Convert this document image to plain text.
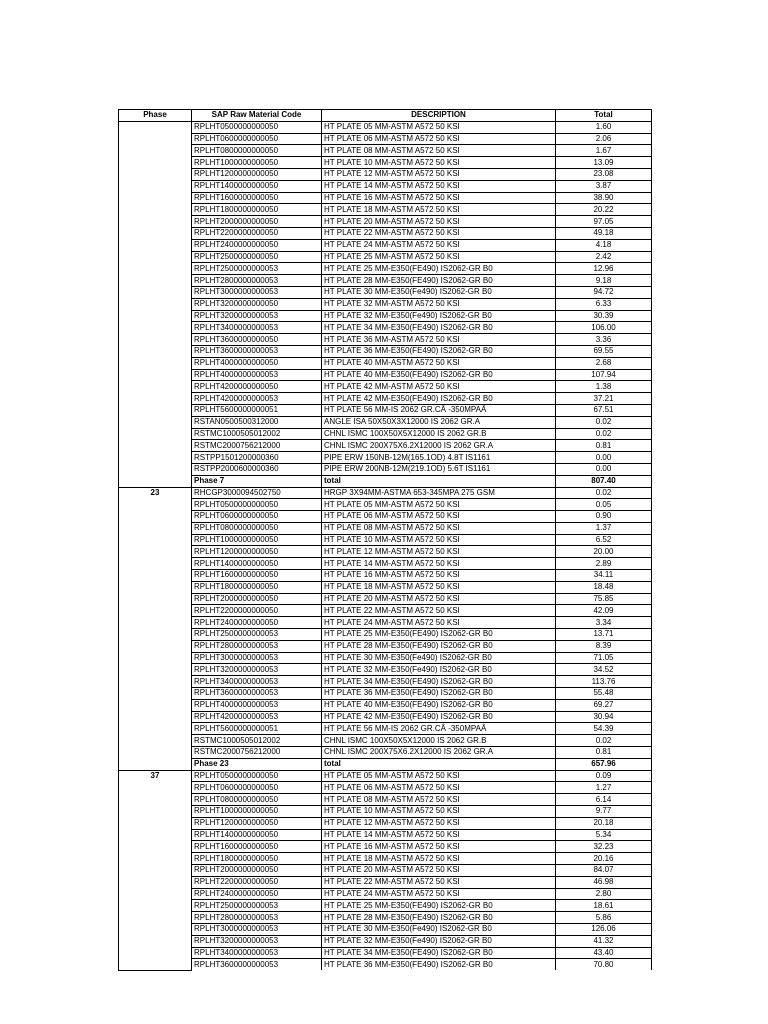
Phase	SAP Raw Material Code	DESCRIPTION	Total
	RPLHT0500000000050	HT PLATE 05 MM-ASTM A572 50 KSI	1.60
	RPLHT0600000000050	HT PLATE 06 MM-ASTM A572 50 KSI	2.06
	RPLHT0800000000050	HT PLATE 08 MM-ASTM A572 50 KSI	1.67
	RPLHT1000000000050	HT PLATE 10 MM-ASTM A572 50 KSI	13.09
	RPLHT1200000000050	HT PLATE 12 MM-ASTM A572 50 KSI	23.08
	RPLHT1400000000050	HT PLATE 14 MM-ASTM A572 50 KSI	3.87
	RPLHT1600000000050	HT PLATE 16 MM-ASTM A572 50 KSI	38.90
	RPLHT1800000000050	HT PLATE 18 MM-ASTM A572 50 KSI	20.22
	RPLHT2000000000050	HT PLATE 20 MM-ASTM A572 50 KSI	97.05
	RPLHT2200000000050	HT PLATE 22 MM-ASTM A572 50 KSI	49.18
	RPLHT2400000000050	HT PLATE 24 MM-ASTM A572 50 KSI	4.18
	RPLHT2500000000050	HT PLATE 25 MM-ASTM A572 50 KSI	2.42
	RPLHT2500000000053	HT PLATE 25 MM-E350(FE490) IS2062-GR B0	12.96
	RPLHT2800000000053	HT PLATE 28 MM-E350(FE490) IS2062-GR B0	9.18
	RPLHT3000000000053	HT PLATE 30 MM-E350(Fe490) IS2062-GR B0	94.72
	RPLHT3200000000050	HT PLATE 32 MM-ASTM A572 50 KSI	6.33
	RPLHT3200000000053	HT PLATE 32 MM-E350(Fe490) IS2062-GR B0	30.39
	RPLHT3400000000053	HT PLATE 34 MM-E350(FE490) IS2062-GR B0	106.00
	RPLHT3600000000050	HT PLATE 36 MM-ASTM A572 50 KSI	3.36
	RPLHT3600000000053	HT PLATE 36 MM-E350(FE490) IS2062-GR B0	69.55
	RPLHT4000000000050	HT PLATE 40 MM-ASTM A572 50 KSI	2.68
	RPLHT4000000000053	HT PLATE 40 MM-E350(FE490) IS2062-GR B0	107.94
	RPLHT4200000000050	HT PLATE 42 MM-ASTM A572 50 KSI	1.38
	RPLHT4200000000053	HT PLATE 42 MM-E350(FE490) IS2062-GR B0	37.21
	RPLHT5600000000051	HT PLATE 56 MM-IS 2062 GR.CÂ -350MPAÂ	67.51
	RSTAN0500500312000	ANGLE ISA 50X50X3X12000 IS 2062 GR.A	0.02
	RSTMC1000505012002	CHNL ISMC 100X50X5X12000 IS 2062 GR.B	0.02
	RSTMC2000756212000	CHNL ISMC 200X75X6.2X12000 IS 2062 GR.A	0.81
	RSTPP1501200000360	PIPE ERW 150NB-12M(165.1OD) 4.8T IS1161	0.00
	RSTPP2000600000360	PIPE ERW 200NB-12M(219.1OD) 5.6T IS1161	0.00
	Phase 7	total	807.40
23	RHCGP3000094502750	HRGP 3X94MM-ASTMA 653-345MPA 275 GSM	0.02
	RPLHT0500000000050	HT PLATE 05 MM-ASTM A572 50 KSI	0.05
	RPLHT0600000000050	HT PLATE 06 MM-ASTM A572 50 KSI	0.90
	RPLHT0800000000050	HT PLATE 08 MM-ASTM A572 50 KSI	1.37
	RPLHT1000000000050	HT PLATE 10 MM-ASTM A572 50 KSI	6.52
	RPLHT1200000000050	HT PLATE 12 MM-ASTM A572 50 KSI	20.00
	RPLHT1400000000050	HT PLATE 14 MM-ASTM A572 50 KSI	2.89
	RPLHT1600000000050	HT PLATE 16 MM-ASTM A572 50 KSI	34.11
	RPLHT1800000000050	HT PLATE 18 MM-ASTM A572 50 KSI	18.48
	RPLHT2000000000050	HT PLATE 20 MM-ASTM A572 50 KSI	75.85
	RPLHT2200000000050	HT PLATE 22 MM-ASTM A572 50 KSI	42.09
	RPLHT2400000000050	HT PLATE 24 MM-ASTM A572 50 KSI	3.34
	RPLHT2500000000053	HT PLATE 25 MM-E350(FE490) IS2062-GR B0	13.71
	RPLHT2800000000053	HT PLATE 28 MM-E350(FE490) IS2062-GR B0	8.39
	RPLHT3000000000053	HT PLATE 30 MM-E350(Fe490) IS2062-GR B0	71.05
	RPLHT3200000000053	HT PLATE 32 MM-E350(Fe490) IS2062-GR B0	34.52
	RPLHT3400000000053	HT PLATE 34 MM-E350(FE490) IS2062-GR B0	113.76
	RPLHT3600000000053	HT PLATE 36 MM-E350(FE490) IS2062-GR B0	55.48
	RPLHT4000000000053	HT PLATE 40 MM-E350(FE490) IS2062-GR B0	69.27
	RPLHT4200000000053	HT PLATE 42 MM-E350(FE490) IS2062-GR B0	30.94
	RPLHT5600000000051	HT PLATE 56 MM-IS 2062 GR.CÂ -350MPAÂ	54.39
	RSTMC1000505012002	CHNL ISMC 100X50X5X12000 IS 2062 GR.B	0.02
	RSTMC2000756212000	CHNL ISMC 200X75X6.2X12000 IS 2062 GR.A	0.81
	Phase 23	total	657.96
37	RPLHT0500000000050	HT PLATE 05 MM-ASTM A572 50 KSI	0.09
	RPLHT0600000000050	HT PLATE 06 MM-ASTM A572 50 KSI	1.27
	RPLHT0800000000050	HT PLATE 08 MM-ASTM A572 50 KSI	6.14
	RPLHT1000000000050	HT PLATE 10 MM-ASTM A572 50 KSI	9.77
	RPLHT1200000000050	HT PLATE 12 MM-ASTM A572 50 KSI	20.18
	RPLHT1400000000050	HT PLATE 14 MM-ASTM A572 50 KSI	5.34
	RPLHT1600000000050	HT PLATE 16 MM-ASTM A572 50 KSI	32.23
	RPLHT1800000000050	HT PLATE 18 MM-ASTM A572 50 KSI	20.16
	RPLHT2000000000050	HT PLATE 20 MM-ASTM A572 50 KSI	84.07
	RPLHT2200000000050	HT PLATE 22 MM-ASTM A572 50 KSI	46.98
	RPLHT2400000000050	HT PLATE 24 MM-ASTM A572 50 KSI	2.80
	RPLHT2500000000053	HT PLATE 25 MM-E350(FE490) IS2062-GR B0	18.61
	RPLHT2800000000053	HT PLATE 28 MM-E350(FE490) IS2062-GR B0	5.86
	RPLHT3000000000053	HT PLATE 30 MM-E350(Fe490) IS2062-GR B0	126.06
	RPLHT3200000000053	HT PLATE 32 MM-E350(Fe490) IS2062-GR B0	41.32
	RPLHT3400000000053	HT PLATE 34 MM-E350(FE490) IS2062-GR B0	43.40
	RPLHT3600000000053	HT PLATE 36 MM-E350(FE490) IS2062-GR B0	70.80
